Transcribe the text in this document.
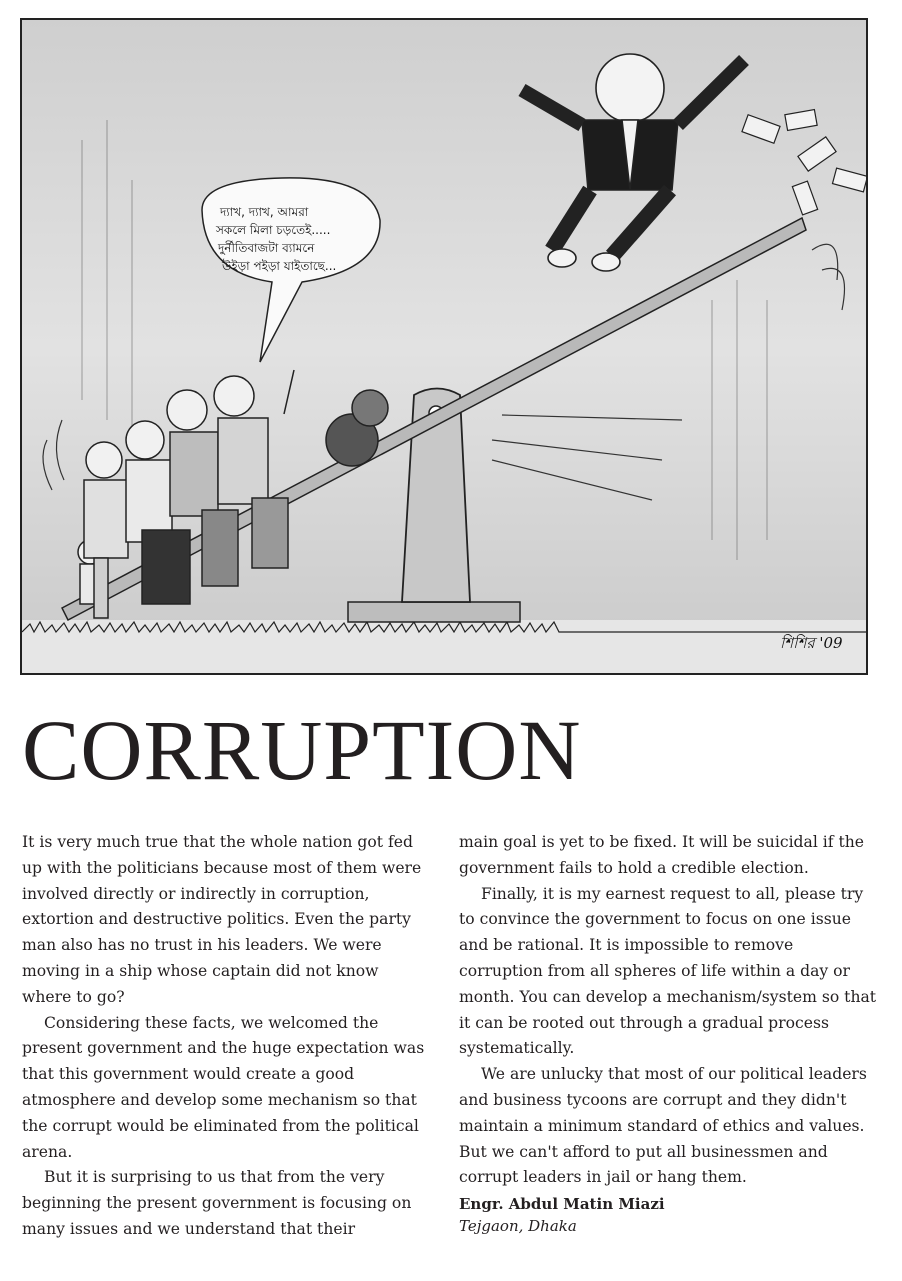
দ্যাখ, দ্যাখ, আমরা
সকলে মিলা চড়তেই.....
দুর্নীতিবাজটা ব্যামনে
উইড়া পইড়া যাইতাছে...
শিশির '09
CORRUPTION

It is very much true that the whole nation got fed up with the politicians because most of them were involved directly or indirectly in corruption, extortion and destructive politics. Even the party man also has no trust in his leaders. We were moving in a ship whose captain did not know where to go?

Considering these facts, we welcomed the present government and the huge expectation was that this government would create a good atmosphere and develop some mechanism so that the corrupt would be eliminated from the political arena.

But it is surprising to us that from the very beginning the present government is focusing on many issues and we understand that their

main goal is yet to be fixed. It will be suicidal if the government fails to hold a credible election.

Finally, it is my earnest request to all, please try to convince the government to focus on one issue and be rational. It is impossible to remove corruption from all spheres of life within a day or month. You can develop a mechanism/system so that it can be rooted out through a gradual process systematically.

We are unlucky that most of our political leaders and business tycoons are corrupt and they didn't maintain a minimum standard of ethics and values. But we can't afford to put all businessmen and corrupt leaders in jail or hang them.

Engr. Abdul Matin Miazi
Tejgaon, Dhaka
